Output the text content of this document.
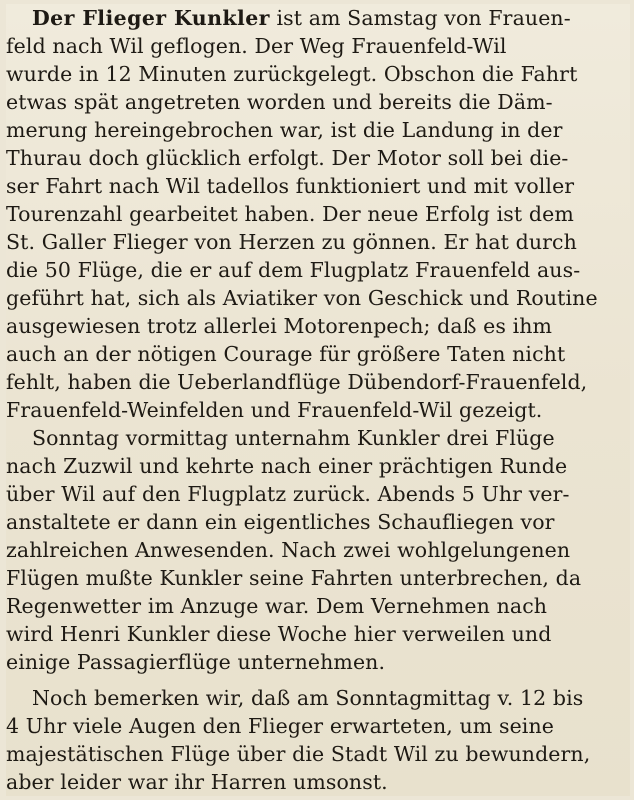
Der Flieger Kunkler ist am Samstag von Frauen-
feld nach Wil geflogen. Der Weg Frauenfeld-Wil
wurde in 12 Minuten zurückgelegt. Obschon die Fahrt
etwas spät angetreten worden und bereits die Däm-
merung hereingebrochen war, ist die Landung in der
Thurau doch glücklich erfolgt. Der Motor soll bei die-
ser Fahrt nach Wil tadellos funktioniert und mit voller
Tourenzahl gearbeitet haben. Der neue Erfolg ist dem
St. Galler Flieger von Herzen zu gönnen. Er hat durch
die 50 Flüge, die er auf dem Flugplatz Frauenfeld aus-
geführt hat, sich als Aviatiker von Geschick und Routine
ausgewiesen trotz allerlei Motorenpech; daß es ihm
auch an der nötigen Courage für größere Taten nicht
fehlt, haben die Ueberlandflüge Dübendorf-Frauenfeld,
Frauenfeld-Weinfelden und Frauenfeld-Wil gezeigt.
Sonntag vormittag unternahm Kunkler drei Flüge
nach Zuzwil und kehrte nach einer prächtigen Runde
über Wil auf den Flugplatz zurück. Abends 5 Uhr ver-
anstaltete er dann ein eigentliches Schaufliegen vor
zahlreichen Anwesenden. Nach zwei wohlgelungenen
Flügen mußte Kunkler seine Fahrten unterbrechen, da
Regenwetter im Anzuge war. Dem Vernehmen nach
wird Henri Kunkler diese Woche hier verweilen und
einige Passagierflüge unternehmen.
Noch bemerken wir, daß am Sonntagmittag v. 12 bis
4 Uhr viele Augen den Flieger erwarteten, um seine
majestätischen Flüge über die Stadt Wil zu bewundern,
aber leider war ihr Harren umsonst.
